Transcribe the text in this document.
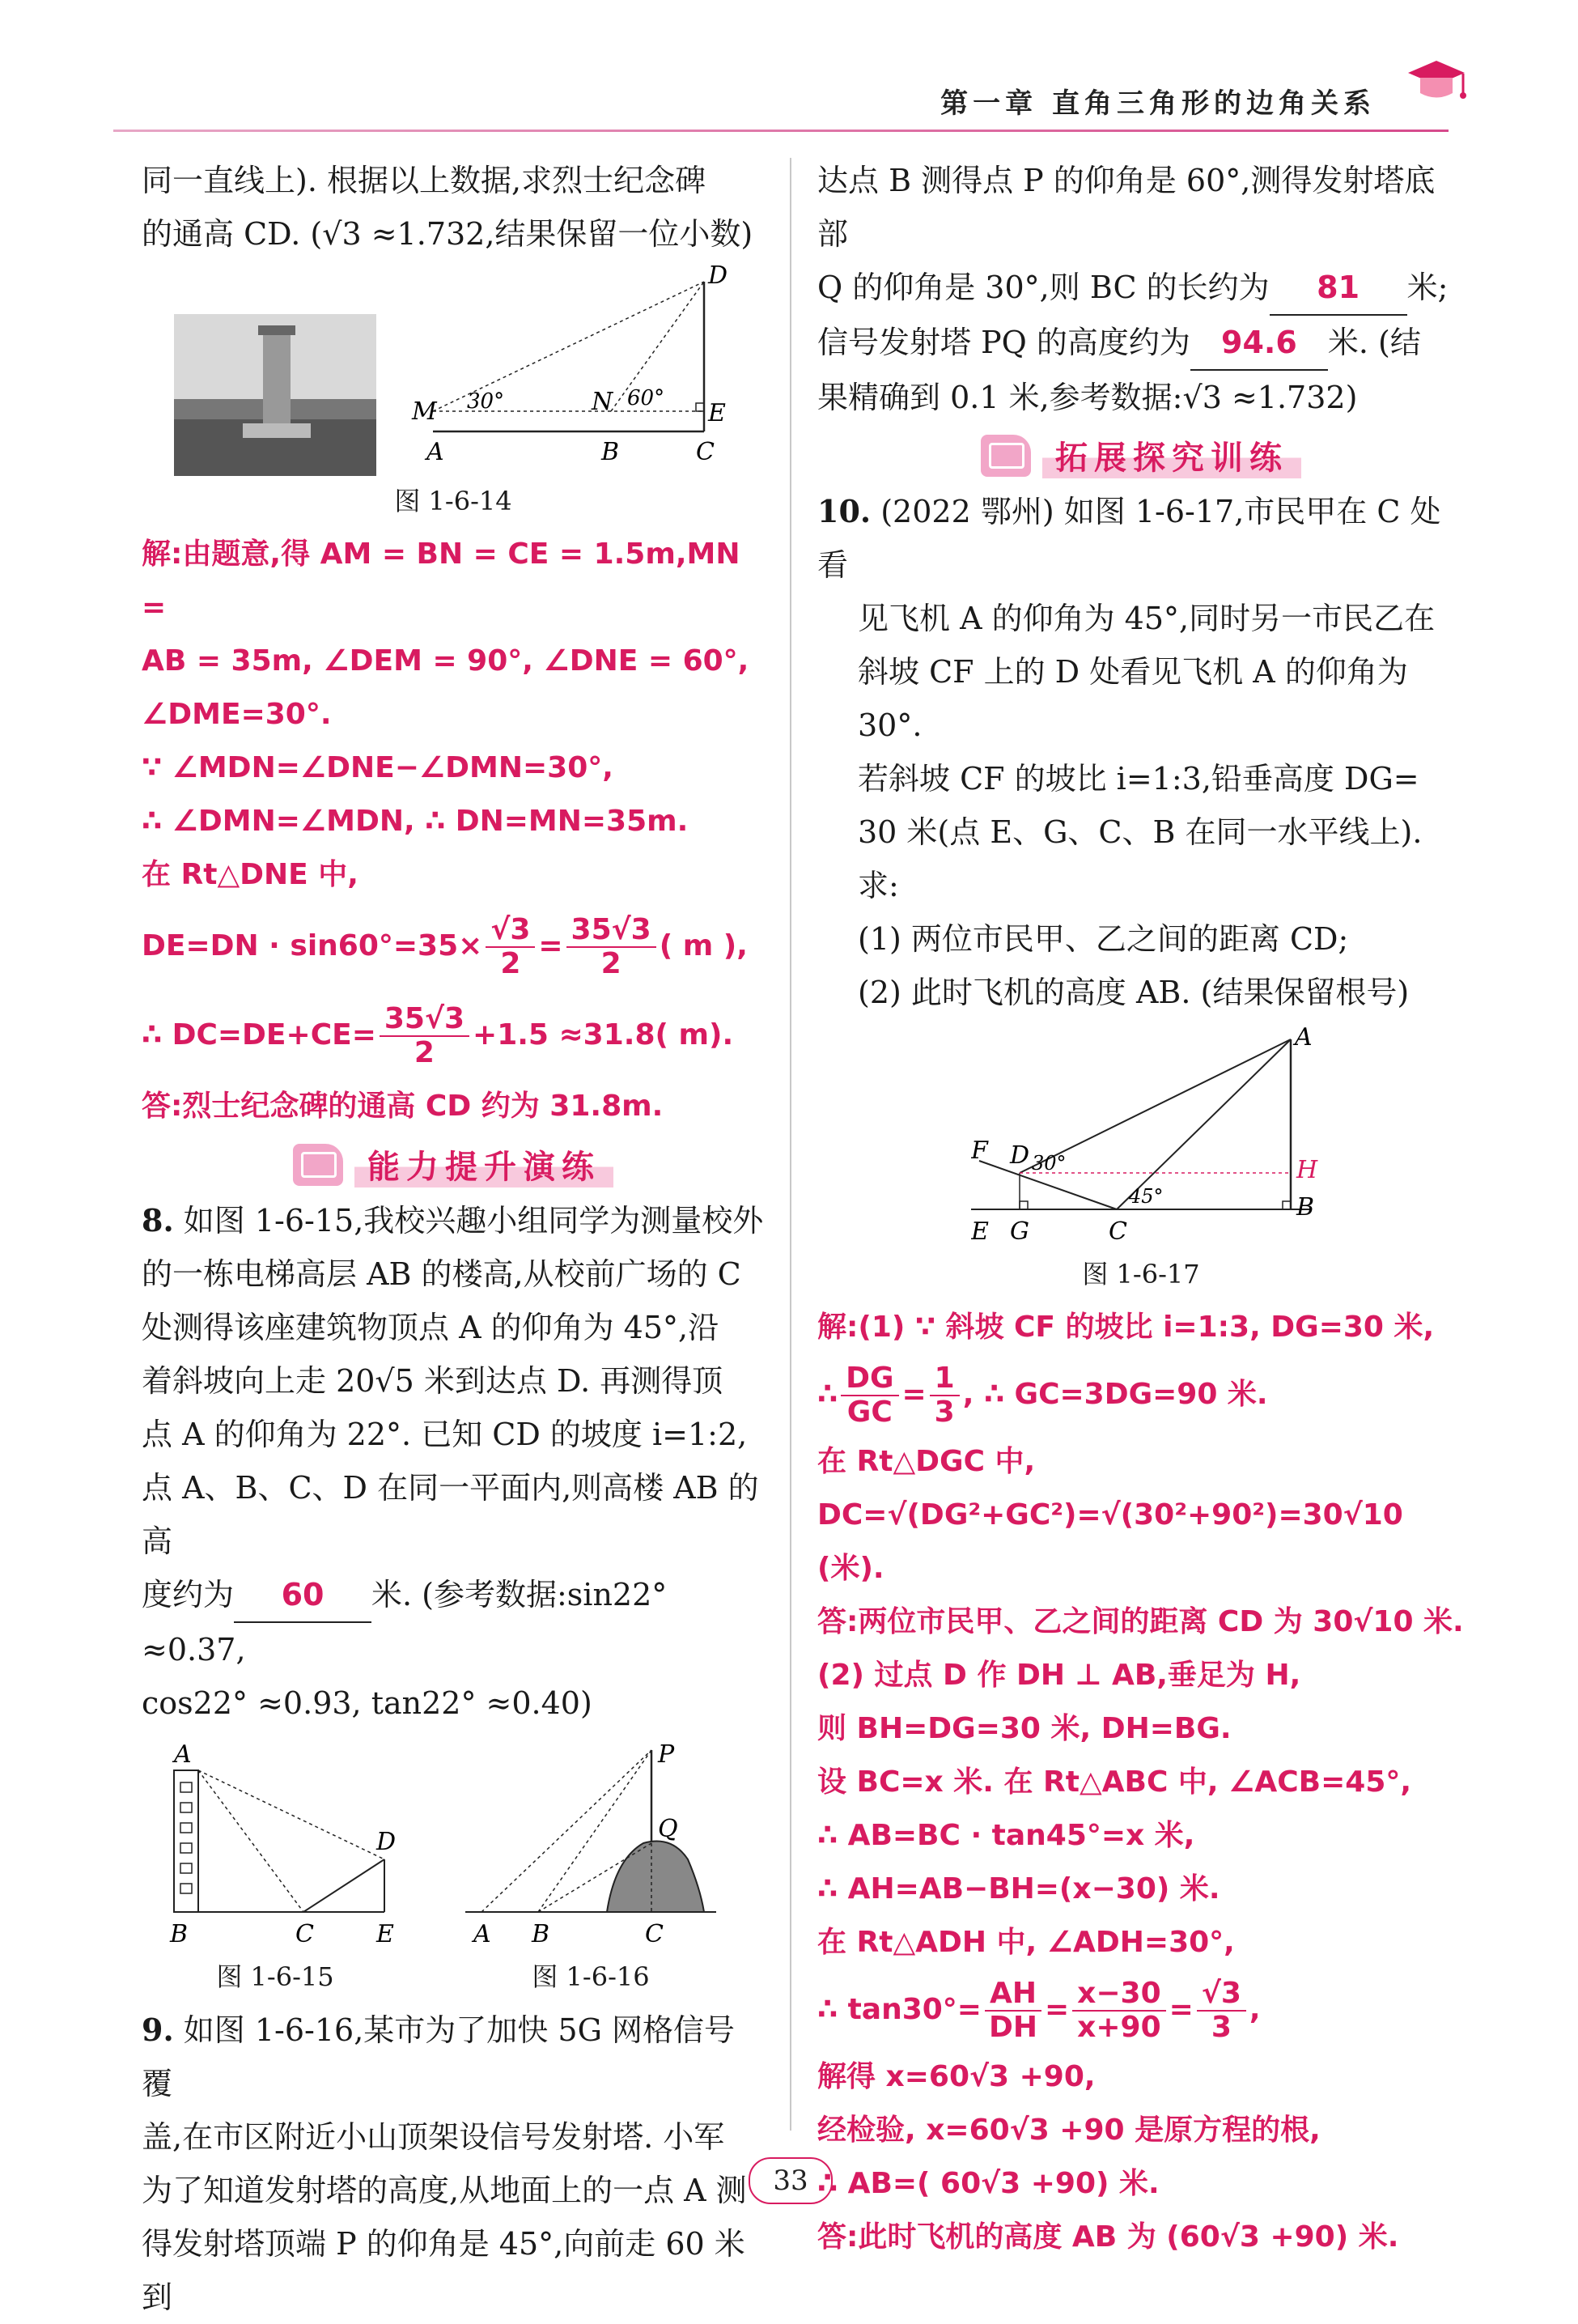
第一章 直角三角形的边角关系

同一直线上). 根据以上数据,求烈士纪念碑

的通高 CD. (√3 ≈1.732,结果保留一位小数)

D
M	N	E
A	B	C
30°	60°

图 1-6-14

解:由题意,得 AM = BN = CE = 1.5m,MN =

AB = 35m, ∠DEM = 90°, ∠DNE = 60°,

∠DME=30°.

∵ ∠MDN=∠DNE−∠DMN=30°,

∴ ∠DMN=∠MDN, ∴ DN=MN=35m.

在 Rt△DNE 中,

$DE=DN \cdot \sin 60^\circ=35\times \frac{√3}{2} = \frac{35√3}{2}$ ( m ),

∴ $DC=DE+CE= \frac{35√3}{2} +1.5 \approx 31.8$( m).

答:烈士纪念碑的通高 CD 约为 31.8m.

能力提升演练

8. 如图 1-6-15,我校兴趣小组同学为测量校外

的一栋电梯高层 AB 的楼高,从校前广场的 C

处测得该座建筑物顶点 A 的仰角为 45°,沿

着斜坡向上走 20√5 米到达点 D. 再测得顶

点 A 的仰角为 22°. 已知 CD 的坡度 i=1:2,

点 A、B、C、D 在同一平面内,则高楼 AB 的高

度约为 60 米. (参考数据:sin22° ≈0.37,

cos22° ≈0.93, tan22° ≈0.40)

A
D
B	C	E

图 1-6-15

P
Q
A B	C

图 1-6-16

9. 如图 1-6-16,某市为了加快 5G 网格信号覆

盖,在市区附近小山顶架设信号发射塔. 小军

为了知道发射塔的高度,从地面上的一点 A 测

得发射塔顶端 P 的仰角是 45°,向前走 60 米到

达点 B 测得点 P 的仰角是 60°,测得发射塔底部

Q 的仰角是 30°,则 BC 的长约为 81 米;

信号发射塔 PQ 的高度约为 94.6 米. (结

果精确到 0.1 米,参考数据:√3 ≈1.732)

拓展探究训练

10. (2022 鄂州) 如图 1-6-17,市民甲在 C 处看

见飞机 A 的仰角为 45°,同时另一市民乙在

斜坡 CF 上的 D 处看见飞机 A 的仰角为 30°.

若斜坡 CF 的坡比 i=1:3,铅垂高度 DG=

30 米(点 E、G、C、B 在同一水平线上). 求:

(1) 两位市民甲、乙之间的距离 CD;

(2) 此时飞机的高度 AB. (结果保留根号)

A
F D 30°	H
45°	B
E G	C

图 1-6-17

解:(1) ∵ 斜坡 CF 的坡比 i=1:3, DG=30 米,

∴ $\frac{DG}{GC} = \frac{1}{3}$ , ∴ GC=3DG=90 米.

在 Rt△DGC 中,

DC=√(DG²+GC²)=√(30²+90²)=30√10 (米).

答:两位市民甲、乙之间的距离 CD 为 30√10 米.

(2) 过点 D 作 DH ⊥ AB,垂足为 H,

则 BH=DG=30 米, DH=BG.

设 BC=x 米. 在 Rt△ABC 中, ∠ACB=45°,

∴ AB=BC · tan45°=x 米,

∴ AH=AB−BH=(x−30) 米.

在 Rt△ADH 中, ∠ADH=30°,

∴ $\tan 30^\circ= \frac{AH}{DH} = \frac{x-30}{x+90} = \frac{√3}{3}$ ,

解得 x=60√3 +90,

经检验, x=60√3 +90 是原方程的根,

∴ AB=( 60√3 +90) 米.

答:此时飞机的高度 AB 为 (60√3 +90) 米.

33
